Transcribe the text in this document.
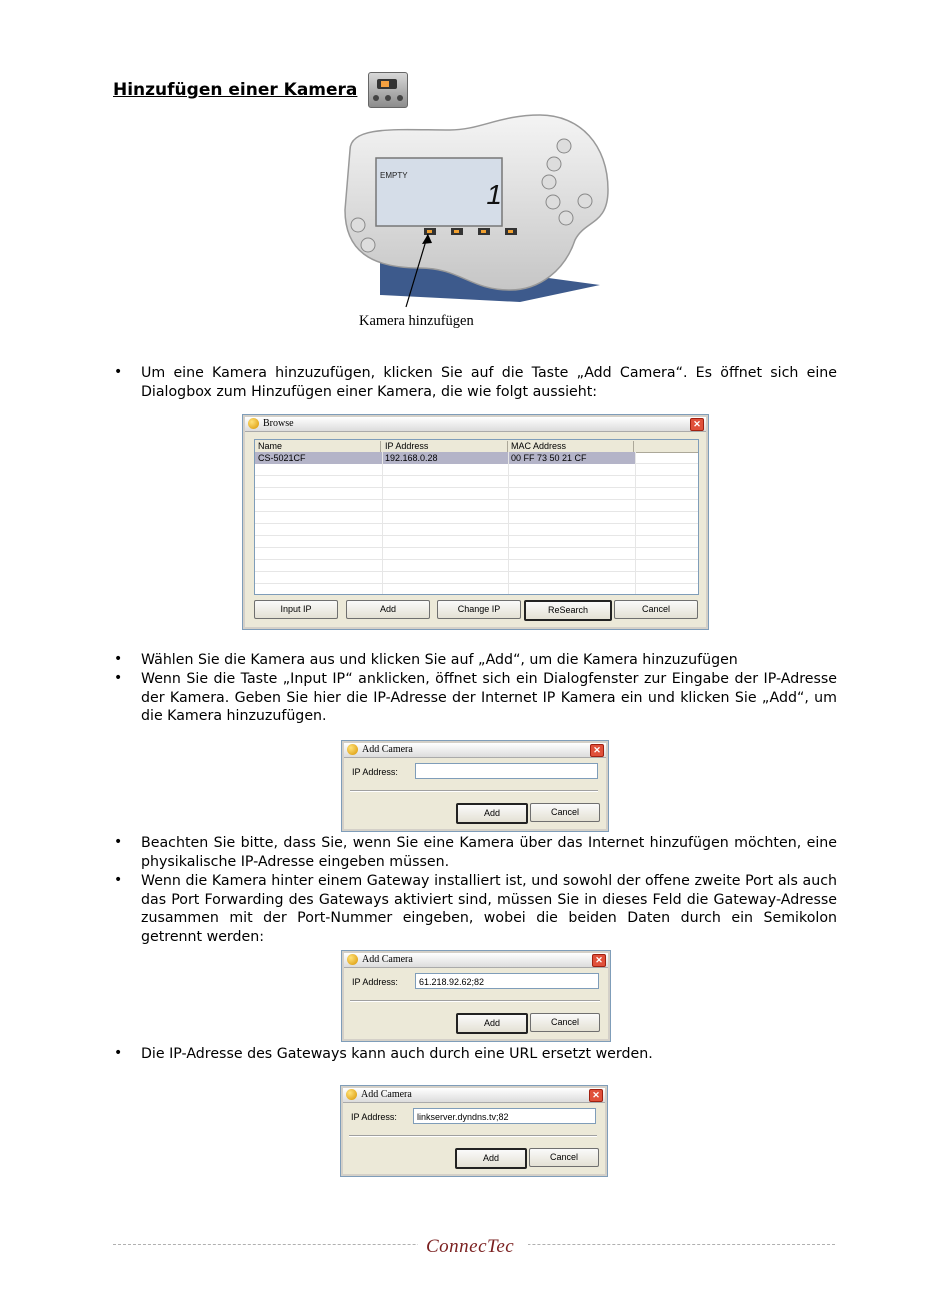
Hinzufügen einer Kamera
EMPTY
1
Kamera hinzufügen
• Um eine Kamera hinzuzufügen, klicken Sie auf die Taste „Add Camera“. Es öffnet sich eine Dialogbox zum Hinzufügen einer Kamera, die wie folgt aussieht:
Browse	✕
Name	IP Address	MAC Address
CS-5021CF	192.168.0.28	00 FF 73 50 21 CF
Input IP	Add	Change IP	ReSearch	Cancel
• Wählen Sie die Kamera aus und klicken Sie auf „Add“, um die Kamera hinzuzufügen
• Wenn Sie die Taste „Input IP“ anklicken, öffnet sich ein Dialogfenster zur Eingabe der IP-Adresse der Kamera. Geben Sie hier die IP-Adresse der Internet IP Kamera ein und klicken Sie „Add“, um die Kamera hinzuzufügen.
Add Camera	✕
IP Address:
Add	Cancel
• Beachten Sie bitte, dass Sie, wenn Sie eine Kamera über das Internet hinzufügen möchten, eine physikalische IP-Adresse eingeben müssen.
• Wenn die Kamera hinter einem Gateway installiert ist, und sowohl der offene zweite Port als auch das Port Forwarding des Gateways aktiviert sind, müssen Sie in dieses Feld die Gateway-Adresse zusammen mit der Port-Nummer eingeben, wobei die beiden Daten durch ein Semikolon getrennt werden:
Add Camera	✕
IP Address:	61.218.92.62;82
Add	Cancel
• Die IP-Adresse des Gateways kann auch durch eine URL ersetzt werden.
Add Camera	✕
IP Address:	linkserver.dyndns.tv;82
Add	Cancel
ConnecTec
